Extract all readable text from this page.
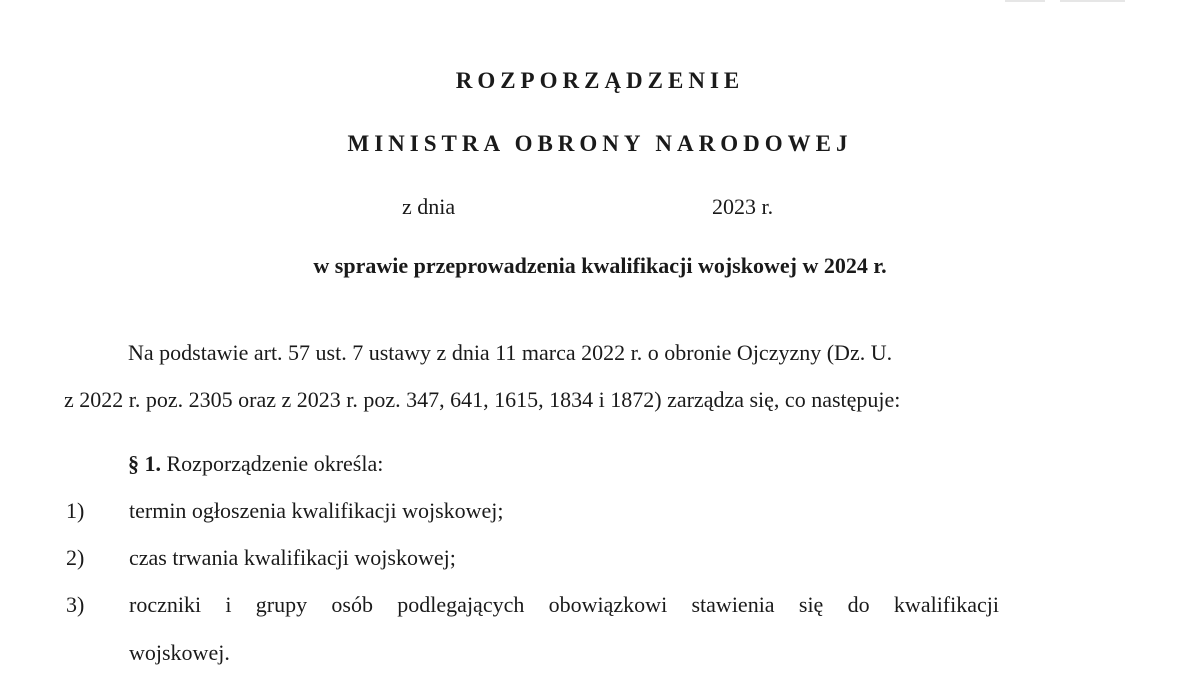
ROZPORZĄDZENIE
MINISTRA OBRONY NARODOWEJ
z dnia	2023 r.
w sprawie przeprowadzenia kwalifikacji wojskowej w 2024 r.
Na podstawie art. 57 ust. 7 ustawy z dnia 11 marca 2022 r. o obronie Ojczyzny (Dz. U.
z 2022 r. poz. 2305 oraz z 2023 r. poz. 347, 641, 1615, 1834 i 1872) zarządza się, co następuje:
§ 1. Rozporządzenie określa:
1) termin ogłoszenia kwalifikacji wojskowej;
2) czas trwania kwalifikacji wojskowej;
3) roczniki i grupy osób podlegających obowiązkowi stawienia się do kwalifikacji
wojskowej.
